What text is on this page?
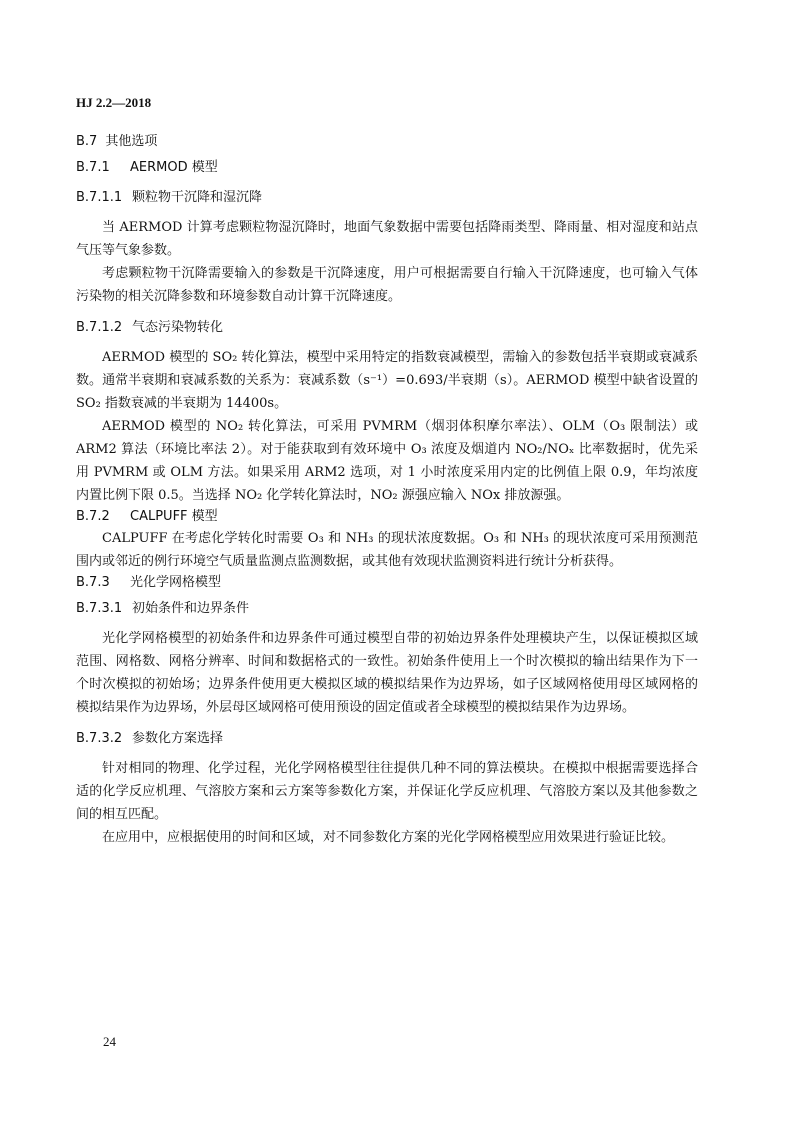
HJ 2.2—2018
B.7 其他选项
B.7.1 AERMOD 模型
B.7.1.1 颗粒物干沉降和湿沉降

当 AERMOD 计算考虑颗粒物湿沉降时，地面气象数据中需要包括降雨类型、降雨量、相对湿度和站点气压等气象参数。

考虑颗粒物干沉降需要输入的参数是干沉降速度，用户可根据需要自行输入干沉降速度，也可输入气体污染物的相关沉降参数和环境参数自动计算干沉降速度。

B.7.1.2 气态污染物转化

AERMOD 模型的 SO₂ 转化算法，模型中采用特定的指数衰减模型，需输入的参数包括半衰期或衰减系数。通常半衰期和衰减系数的关系为：衰减系数（s⁻¹）=0.693/半衰期（s）。AERMOD 模型中缺省设置的 SO₂ 指数衰减的半衰期为 14400s。

AERMOD 模型的 NO₂ 转化算法，可采用 PVMRM（烟羽体积摩尔率法）、OLM（O₃ 限制法）或 ARM2 算法（环境比率法 2）。对于能获取到有效环境中 O₃ 浓度及烟道内 NO₂/NOₓ 比率数据时，优先采用 PVMRM 或 OLM 方法。如果采用 ARM2 选项，对 1 小时浓度采用内定的比例值上限 0.9，年均浓度内置比例下限 0.5。当选择 NO₂ 化学转化算法时，NO₂ 源强应输入 NOx 排放源强。

B.7.2 CALPUFF 模型

CALPUFF 在考虑化学转化时需要 O₃ 和 NH₃ 的现状浓度数据。O₃ 和 NH₃ 的现状浓度可采用预测范围内或邻近的例行环境空气质量监测点监测数据，或其他有效现状监测资料进行统计分析获得。

B.7.3 光化学网格模型
B.7.3.1 初始条件和边界条件

光化学网格模型的初始条件和边界条件可通过模型自带的初始边界条件处理模块产生，以保证模拟区域范围、网格数、网格分辨率、时间和数据格式的一致性。初始条件使用上一个时次模拟的输出结果作为下一个时次模拟的初始场；边界条件使用更大模拟区域的模拟结果作为边界场，如子区域网格使用母区域网格的模拟结果作为边界场，外层母区域网格可使用预设的固定值或者全球模型的模拟结果作为边界场。

B.7.3.2 参数化方案选择

针对相同的物理、化学过程，光化学网格模型往往提供几种不同的算法模块。在模拟中根据需要选择合适的化学反应机理、气溶胶方案和云方案等参数化方案，并保证化学反应机理、气溶胶方案以及其他参数之间的相互匹配。

在应用中，应根据使用的时间和区域，对不同参数化方案的光化学网格模型应用效果进行验证比较。

24
